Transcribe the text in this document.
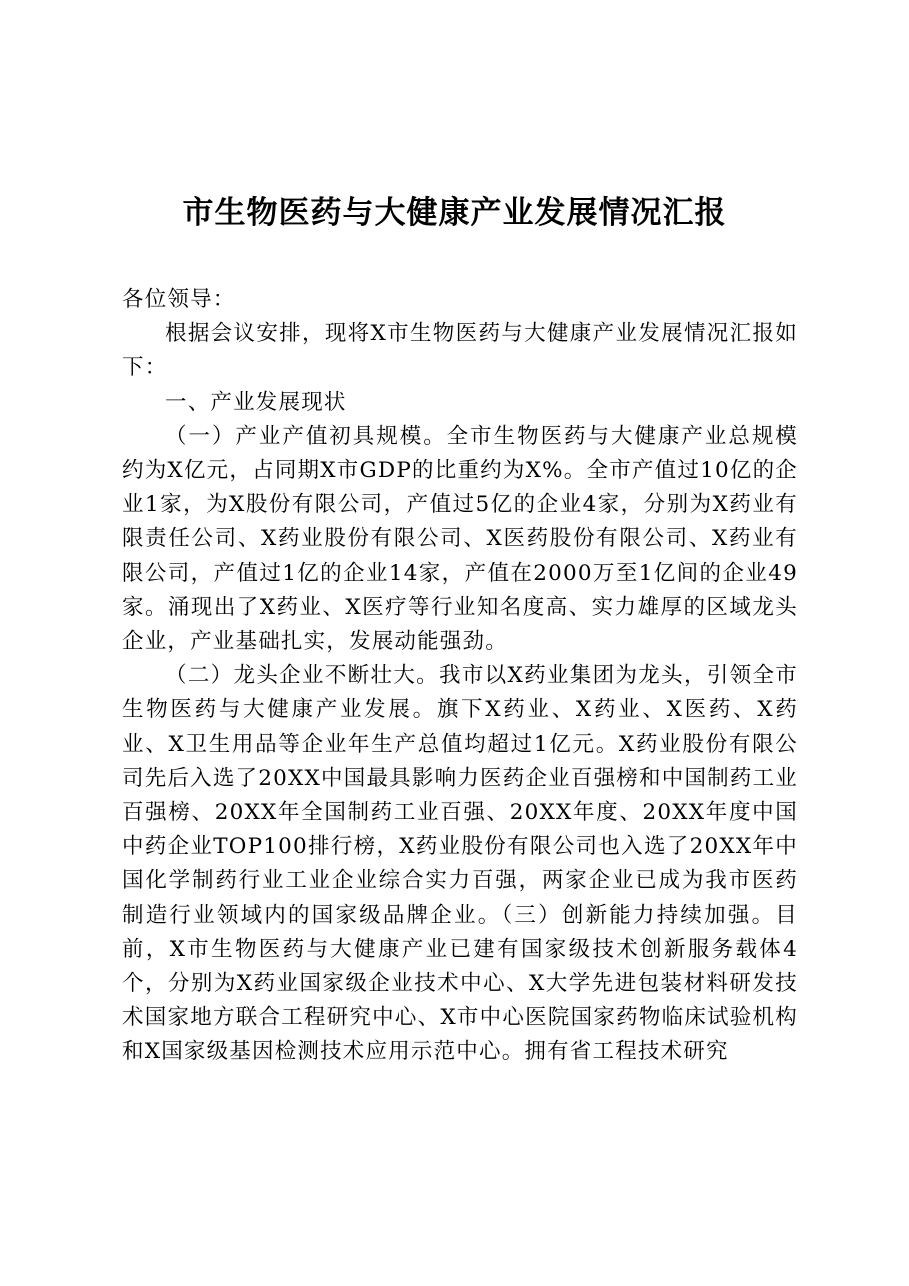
市生物医药与大健康产业发展情况汇报

各位领导：

根据会议安排，现将X市生物医药与大健康产业发展情况汇报如下：

一、产业发展现状

（一）产业产值初具规模。全市生物医药与大健康产业总规模约为X亿元，占同期X市GDP的比重约为X%。全市产值过10亿的企业1家，为X股份有限公司，产值过5亿的企业4家，分别为X药业有限责任公司、X药业股份有限公司、X医药股份有限公司、X药业有限公司，产值过1亿的企业14家，产值在2000万至1亿间的企业49家。涌现出了X药业、X医疗等行业知名度高、实力雄厚的区域龙头企业，产业基础扎实，发展动能强劲。

（二）龙头企业不断壮大。我市以X药业集团为龙头，引领全市生物医药与大健康产业发展。旗下X药业、X药业、X医药、X药业、X卫生用品等企业年生产总值均超过1亿元。X药业股份有限公司先后入选了20XX中国最具影响力医药企业百强榜和中国制药工业百强榜、20XX年全国制药工业百强、20XX年度、20XX年度中国中药企业TOP100排行榜，X药业股份有限公司也入选了20XX年中国化学制药行业工业企业综合实力百强，两家企业已成为我市医药制造行业领域内的国家级品牌企业。（三）创新能力持续加强。目前，X市生物医药与大健康产业已建有国家级技术创新服务载体4个，分别为X药业国家级企业技术中心、X大学先进包装材料研发技术国家地方联合工程研究中心、X市中心医院国家药物临床试验机构和X国家级基因检测技术应用示范中心。拥有省工程技术研究
